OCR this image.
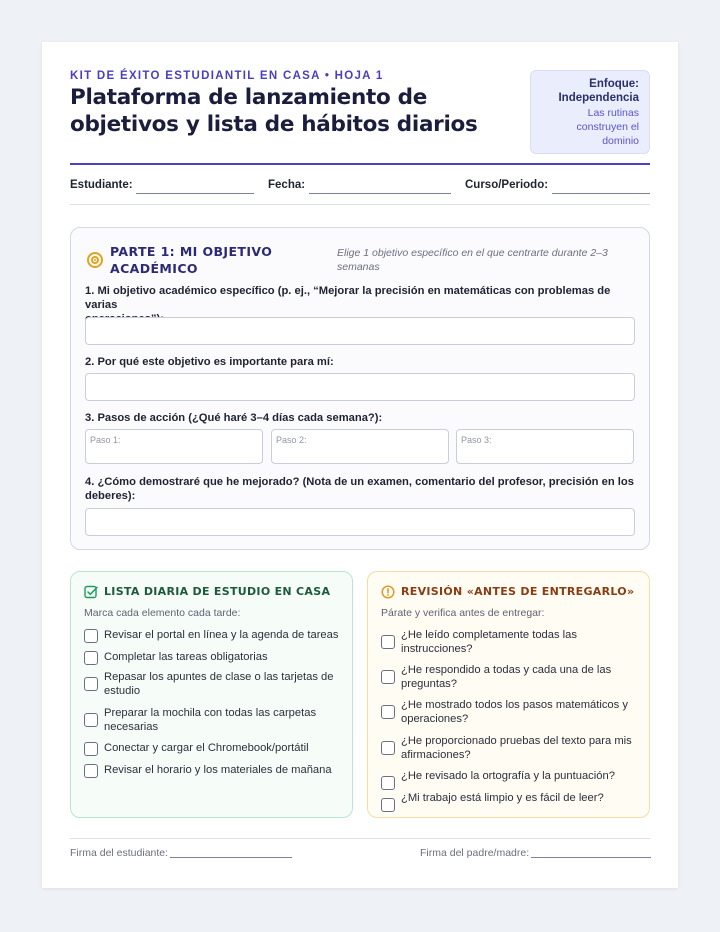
KIT DE ÉXITO ESTUDIANTIL EN CASA • HOJA 1
Plataforma de lanzamiento de objetivos y lista de hábitos diarios
Enfoque:
Independencia
Las rutinas
construyen el
dominio
Estudiante:	Fecha:	Curso/Periodo:
PARTE 1: MI OBJETIVO
ACADÉMICO
Elige 1 objetivo específico en el que centrarte durante 2–3
semanas
1. Mi objetivo académico específico (p. ej., “Mejorar la precisión en matemáticas con problemas de varias
2. Por qué este objetivo es importante para mí:
3. Pasos de acción (¿Qué haré 3–4 días cada semana?):
Paso 1:	Paso 2:	Paso 3:
4. ¿Cómo demostraré que he mejorado? (Nota de un examen, comentario del profesor, precisión en los
deberes):
LISTA DIARIA DE ESTUDIO EN CASA
Marca cada elemento cada tarde:
Revisar el portal en línea y la agenda de tareas
Completar las tareas obligatorias
Repasar los apuntes de clase o las tarjetas de
estudio
Preparar la mochila con todas las carpetas
necesarias
Conectar y cargar el Chromebook/portátil
Revisar el horario y los materiales de mañana
REVISIÓN «ANTES DE ENTREGARLO»
Párate y verifica antes de entregar:
¿He leído completamente todas las
instrucciones?
¿He respondido a todas y cada una de las
preguntas?
¿He mostrado todos los pasos matemáticos y
operaciones?
¿He proporcionado pruebas del texto para mis
afirmaciones?
¿He revisado la ortografía y la puntuación?
¿Mi trabajo está limpio y es fácil de leer?
Firma del estudiante:	Firma del padre/madre:
